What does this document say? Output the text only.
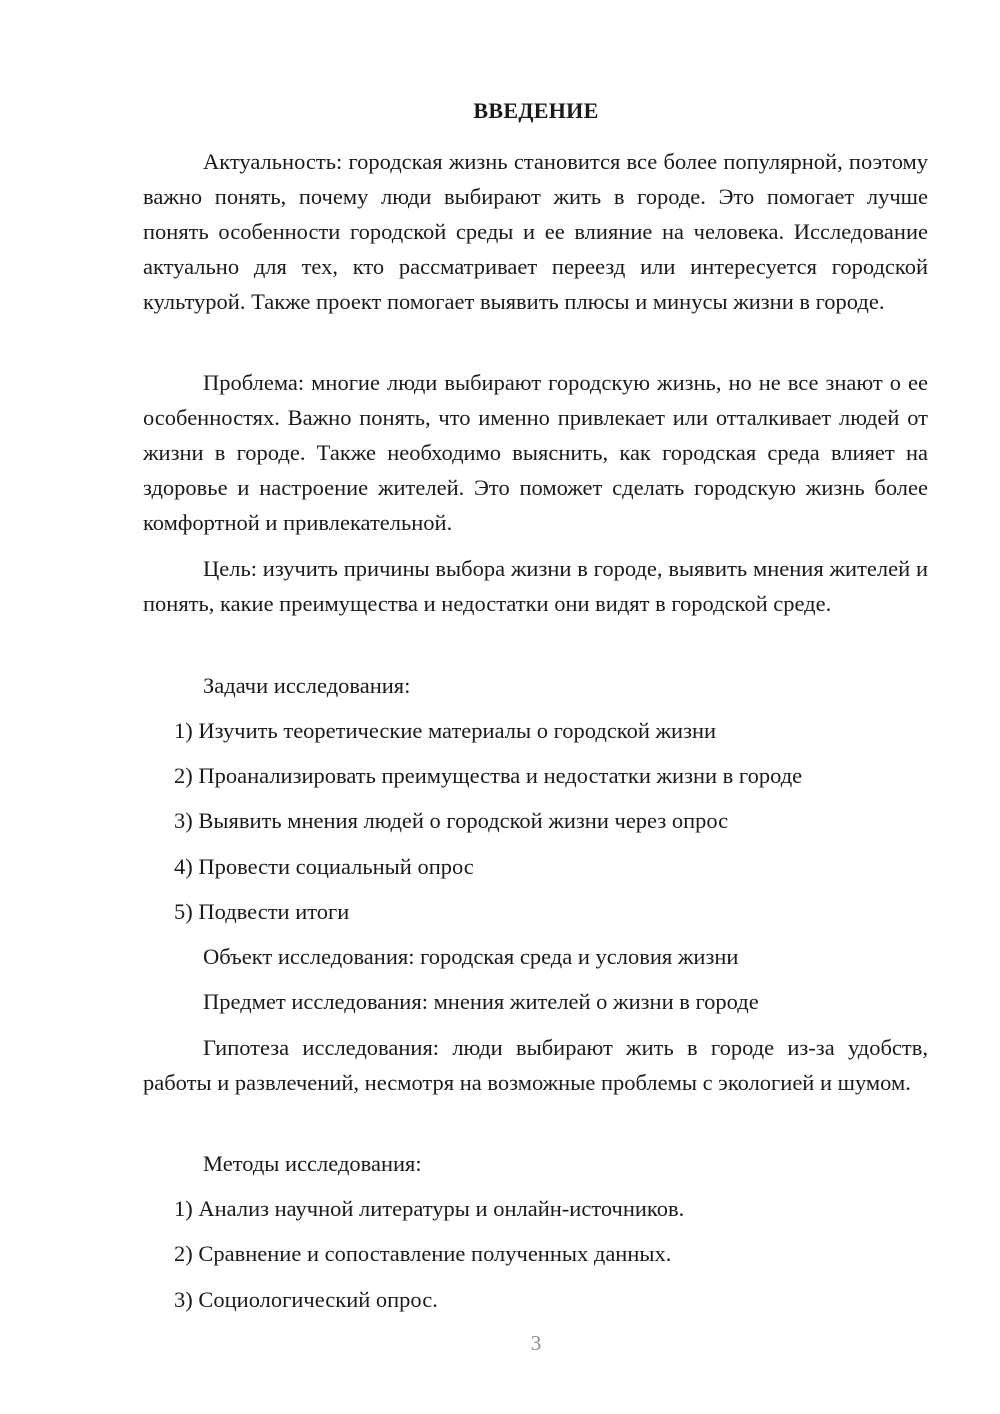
ВВЕДЕНИЕ

Актуальность: городская жизнь становится все более популярной, поэтому важно понять, почему люди выбирают жить в городе. Это помогает лучше понять особенности городской среды и ее влияние на человека. Исследование актуально для тех, кто рассматривает переезд или интересуется городской культурой. Также проект помогает выявить плюсы и минусы жизни в городе.

Проблема: многие люди выбирают городскую жизнь, но не все знают о ее особенностях. Важно понять, что именно привлекает или отталкивает людей от жизни в городе. Также необходимо выяснить, как городская среда влияет на здоровье и настроение жителей. Это поможет сделать городскую жизнь более комфортной и привлекательной.

Цель: изучить причины выбора жизни в городе, выявить мнения жителей и понять, какие преимущества и недостатки они видят в городской среде.

Задачи исследования:
1) Изучить теоретические материалы о городской жизни
2) Проанализировать преимущества и недостатки жизни в городе
3) Выявить мнения людей о городской жизни через опрос
4) Провести социальный опрос
5) Подвести итоги
Объект исследования: городская среда и условия жизни
Предмет исследования: мнения жителей о жизни в городе

Гипотеза исследования: люди выбирают жить в городе из-за удобств, работы и развлечений, несмотря на возможные проблемы с экологией и шумом.

Методы исследования:
1) Анализ научной литературы и онлайн-источников.
2) Сравнение и сопоставление полученных данных.
3) Социологический опрос.
3
